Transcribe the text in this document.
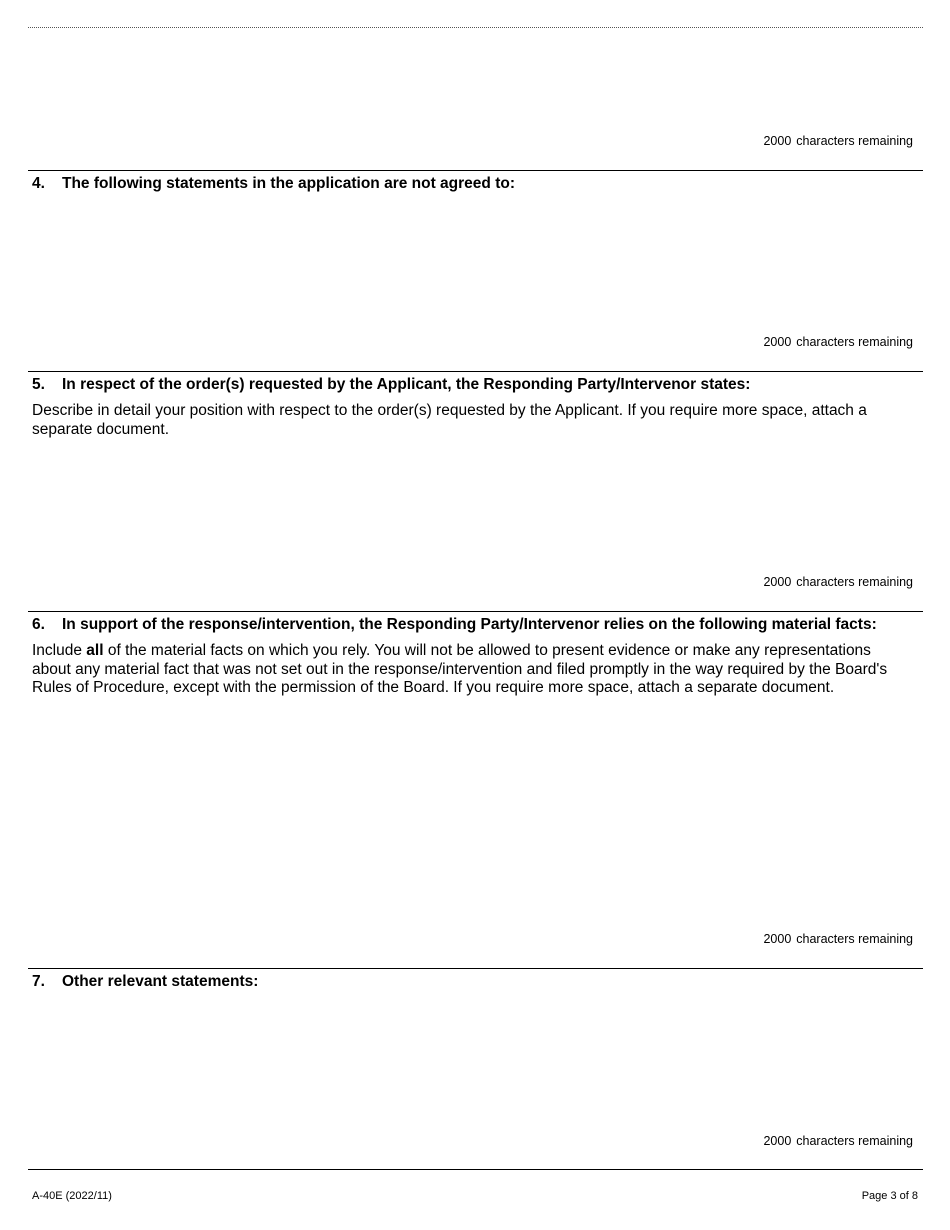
2000 characters remaining
4. The following statements in the application are not agreed to:
2000 characters remaining
5. In respect of the order(s) requested by the Applicant, the Responding Party/Intervenor states:
Describe in detail your position with respect to the order(s) requested by the Applicant. If you require more space, attach a separate document.
2000 characters remaining
6. In support of the response/intervention, the Responding Party/Intervenor relies on the following material facts:
Include all of the material facts on which you rely. You will not be allowed to present evidence or make any representations about any material fact that was not set out in the response/intervention and filed promptly in the way required by the Board's Rules of Procedure, except with the permission of the Board. If you require more space, attach a separate document.
2000 characters remaining
7. Other relevant statements:
2000 characters remaining
A-40E (2022/11)	Page 3 of 8
